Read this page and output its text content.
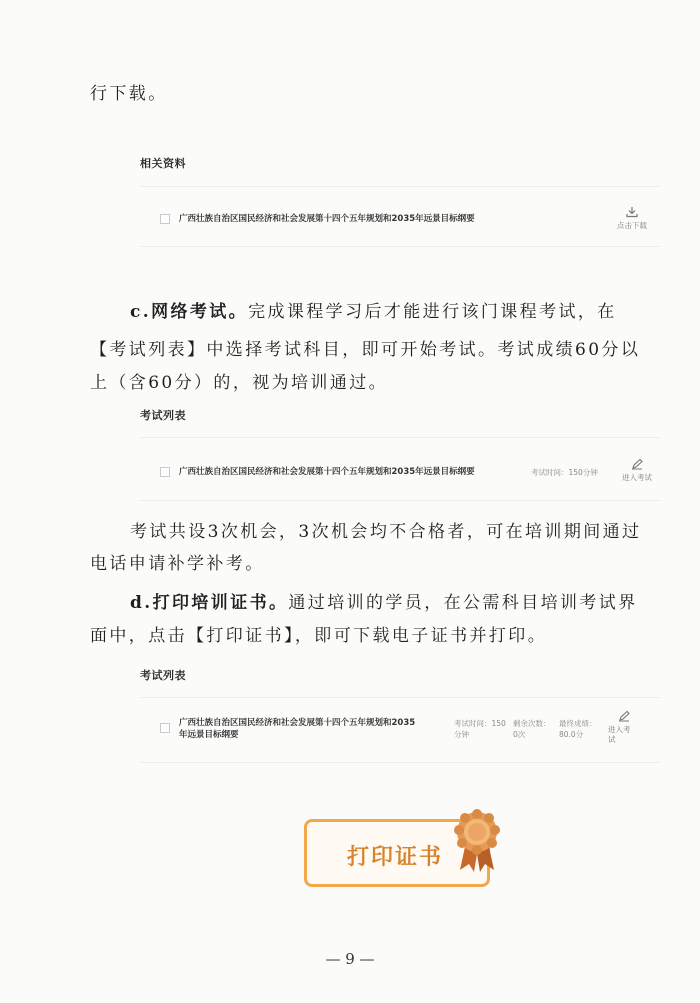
行下载。
相关资料
广西壮族自治区国民经济和社会发展第十四个五年规划和2035年远景目标纲要
点击下载
c.网络考试。完成课程学习后才能进行该门课程考试，在
【考试列表】中选择考试科目，即可开始考试。考试成绩60分以
上（含60分）的，视为培训通过。
考试列表
广西壮族自治区国民经济和社会发展第十四个五年规划和2035年远景目标纲要	考试时间：150分钟
进入考试
考试共设3次机会，3次机会均不合格者，可在培训期间通过
电话申请补学补考。
d.打印培训证书。通过培训的学员，在公需科目培训考试界
面中，点击【打印证书】，即可下载电子证书并打印。
考试列表
广西壮族自治区国民经济和社会发展第十四个五年规划和2035
年远景目标纲要
考试时间：150
分钟
剩余次数：
0次
最终成绩：
80.0分
进入考
试
打印证书
— 9 —
